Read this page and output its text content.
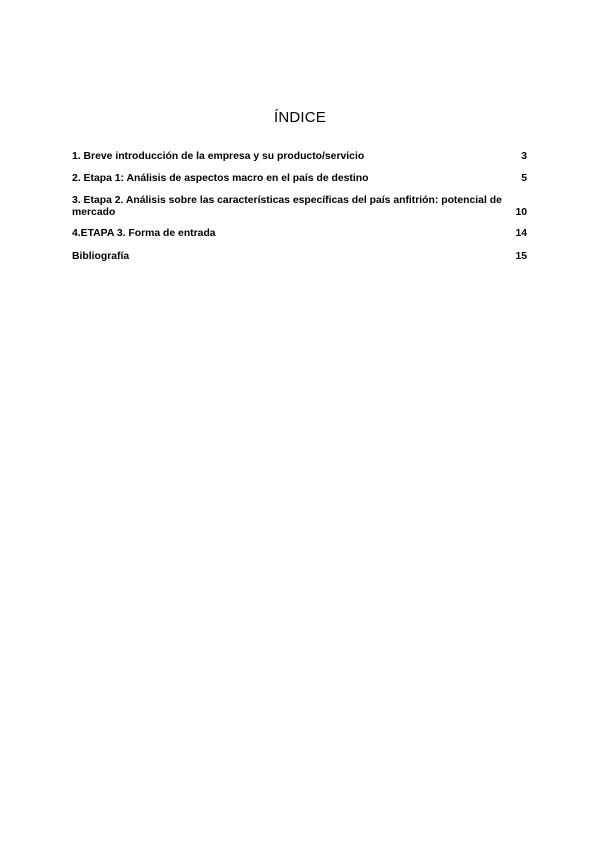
ÍNDICE
1. Breve introducción de la empresa y su producto/servicio	3
2. Etapa 1: Análisis de aspectos macro en el país de destino	5
3. Etapa 2. Análisis sobre las características específicas del país anfitrión: potencial de mercado	10
4.ETAPA 3. Forma de entrada	14
Bibliografía	15
